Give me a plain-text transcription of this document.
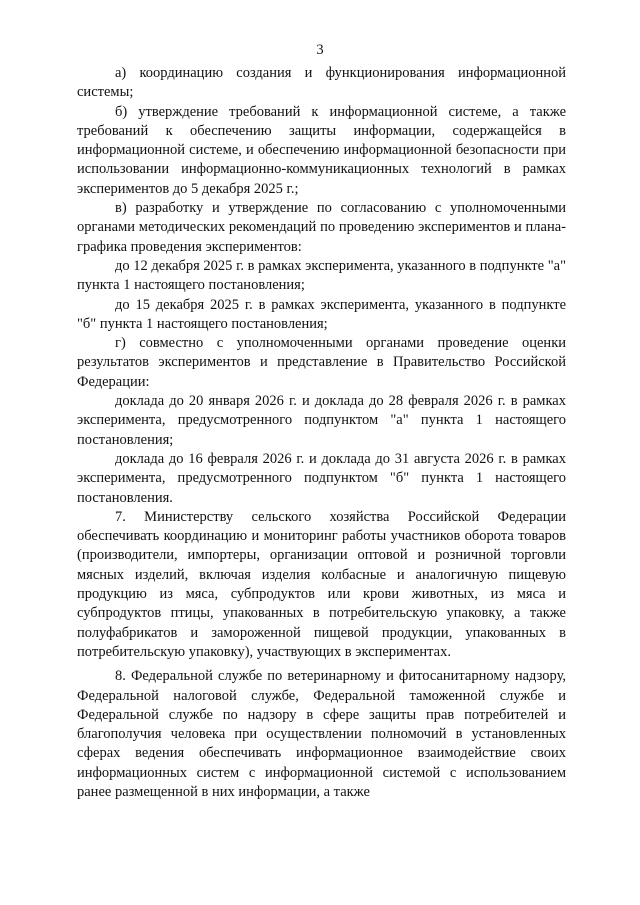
3

а) координацию создания и функционирования информационной системы;

б) утверждение требований к информационной системе, а также требований к обеспечению защиты информации, содержащейся в информационной системе, и обеспечению информационной безопасности при использовании информационно-коммуникационных технологий в рамках экспериментов до 5 декабря 2025 г.;

в) разработку и утверждение по согласованию с уполномоченными органами методических рекомендаций по проведению экспериментов и плана-графика проведения экспериментов:

до 12 декабря 2025 г. в рамках эксперимента, указанного в подпункте "а" пункта 1 настоящего постановления;

до 15 декабря 2025 г. в рамках эксперимента, указанного в подпункте "б" пункта 1 настоящего постановления;

г) совместно с уполномоченными органами проведение оценки результатов экспериментов и представление в Правительство Российской Федерации:

доклада до 20 января 2026 г. и доклада до 28 февраля 2026 г. в рамках эксперимента, предусмотренного подпунктом "а" пункта 1 настоящего постановления;

доклада до 16 февраля 2026 г. и доклада до 31 августа 2026 г. в рамках эксперимента, предусмотренного подпунктом "б" пункта 1 настоящего постановления.

7. Министерству сельского хозяйства Российской Федерации обеспечивать координацию и мониторинг работы участников оборота товаров (производители, импортеры, организации оптовой и розничной торговли мясных изделий, включая изделия колбасные и аналогичную пищевую продукцию из мяса, субпродуктов или крови животных, из мяса и субпродуктов птицы, упакованных в потребительскую упаковку, а также полуфабрикатов и замороженной пищевой продукции, упакованных в потребительскую упаковку), участвующих в экспериментах.

8. Федеральной службе по ветеринарному и фитосанитарному надзору, Федеральной налоговой службе, Федеральной таможенной службе и Федеральной службе по надзору в сфере защиты прав потребителей и благополучия человека при осуществлении полномочий в установленных сферах ведения обеспечивать информационное взаимодействие своих информационных систем с информационной системой с использованием ранее размещенной в них информации, а также
